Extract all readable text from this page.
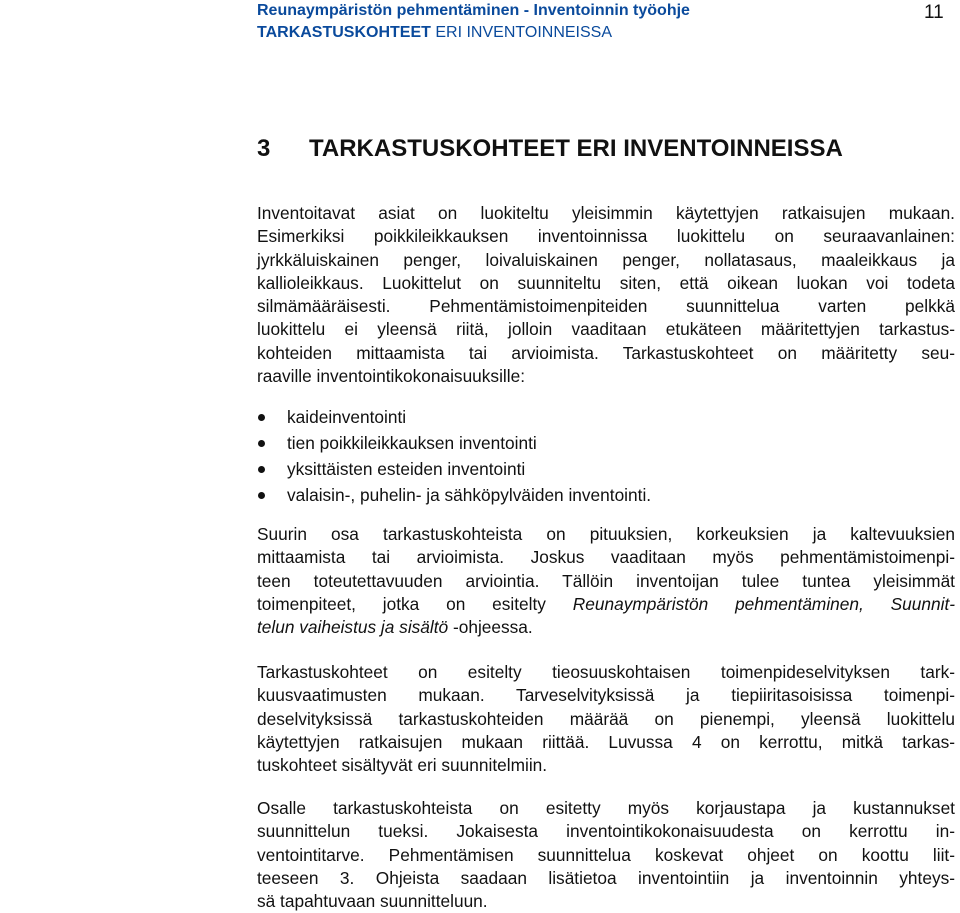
Reunaympäristön pehmentäminen - Inventoinnin työohje
TARKASTUSKOHTEET ERI INVENTOINNEISSA
11
3 TARKASTUSKOHTEET ERI INVENTOINNEISSA
Inventoitavat asiat on luokiteltu yleisimmin käytettyjen ratkaisujen mukaan.
Esimerkiksi poikkileikkauksen inventoinnissa luokittelu on seuraavanlainen:
jyrkkäluiskainen penger, loivaluiskainen penger, nollatasaus, maaleikkaus ja
kallioleikkaus. Luokittelut on suunniteltu siten, että oikean luokan voi todeta
silmämääräisesti. Pehmentämistoimenpiteiden suunnittelua varten pelkkä
luokittelu ei yleensä riitä, jolloin vaaditaan etukäteen määritettyjen tarkastus-
kohteiden mittaamista tai arvioimista. Tarkastuskohteet on määritetty seu-
raaville inventointikokonaisuuksille:
kaideinventointi
tien poikkileikkauksen inventointi
yksittäisten esteiden inventointi
valaisin-, puhelin- ja sähköpylväiden inventointi.
Suurin osa tarkastuskohteista on pituuksien, korkeuksien ja kaltevuuksien
mittaamista tai arvioimista. Joskus vaaditaan myös pehmentämistoimenpi-
teen toteutettavuuden arviointia. Tällöin inventoijan tulee tuntea yleisimmät
toimenpiteet, jotka on esitelty Reunaympäristön pehmentäminen, Suunnit-
telun vaiheistus ja sisältö -ohjeessa.
Tarkastuskohteet on esitelty tieosuuskohtaisen toimenpideselvityksen tark-
kuusvaatimusten mukaan. Tarveselvityksissä ja tiepiiritasoisissa toimenpi-
deselvityksissä tarkastuskohteiden määrää on pienempi, yleensä luokittelu
käytettyjen ratkaisujen mukaan riittää. Luvussa 4 on kerrottu, mitkä tarkas-
tuskohteet sisältyvät eri suunnitelmiin.
Osalle tarkastuskohteista on esitetty myös korjaustapa ja kustannukset
suunnittelun tueksi. Jokaisesta inventointikokonaisuudesta on kerrottu in-
ventointitarve. Pehmentämisen suunnittelua koskevat ohjeet on koottu liit-
teeseen 3. Ohjeista saadaan lisätietoa inventointiin ja inventoinnin yhteys-
sä tapahtuvaan suunnitteluun.
